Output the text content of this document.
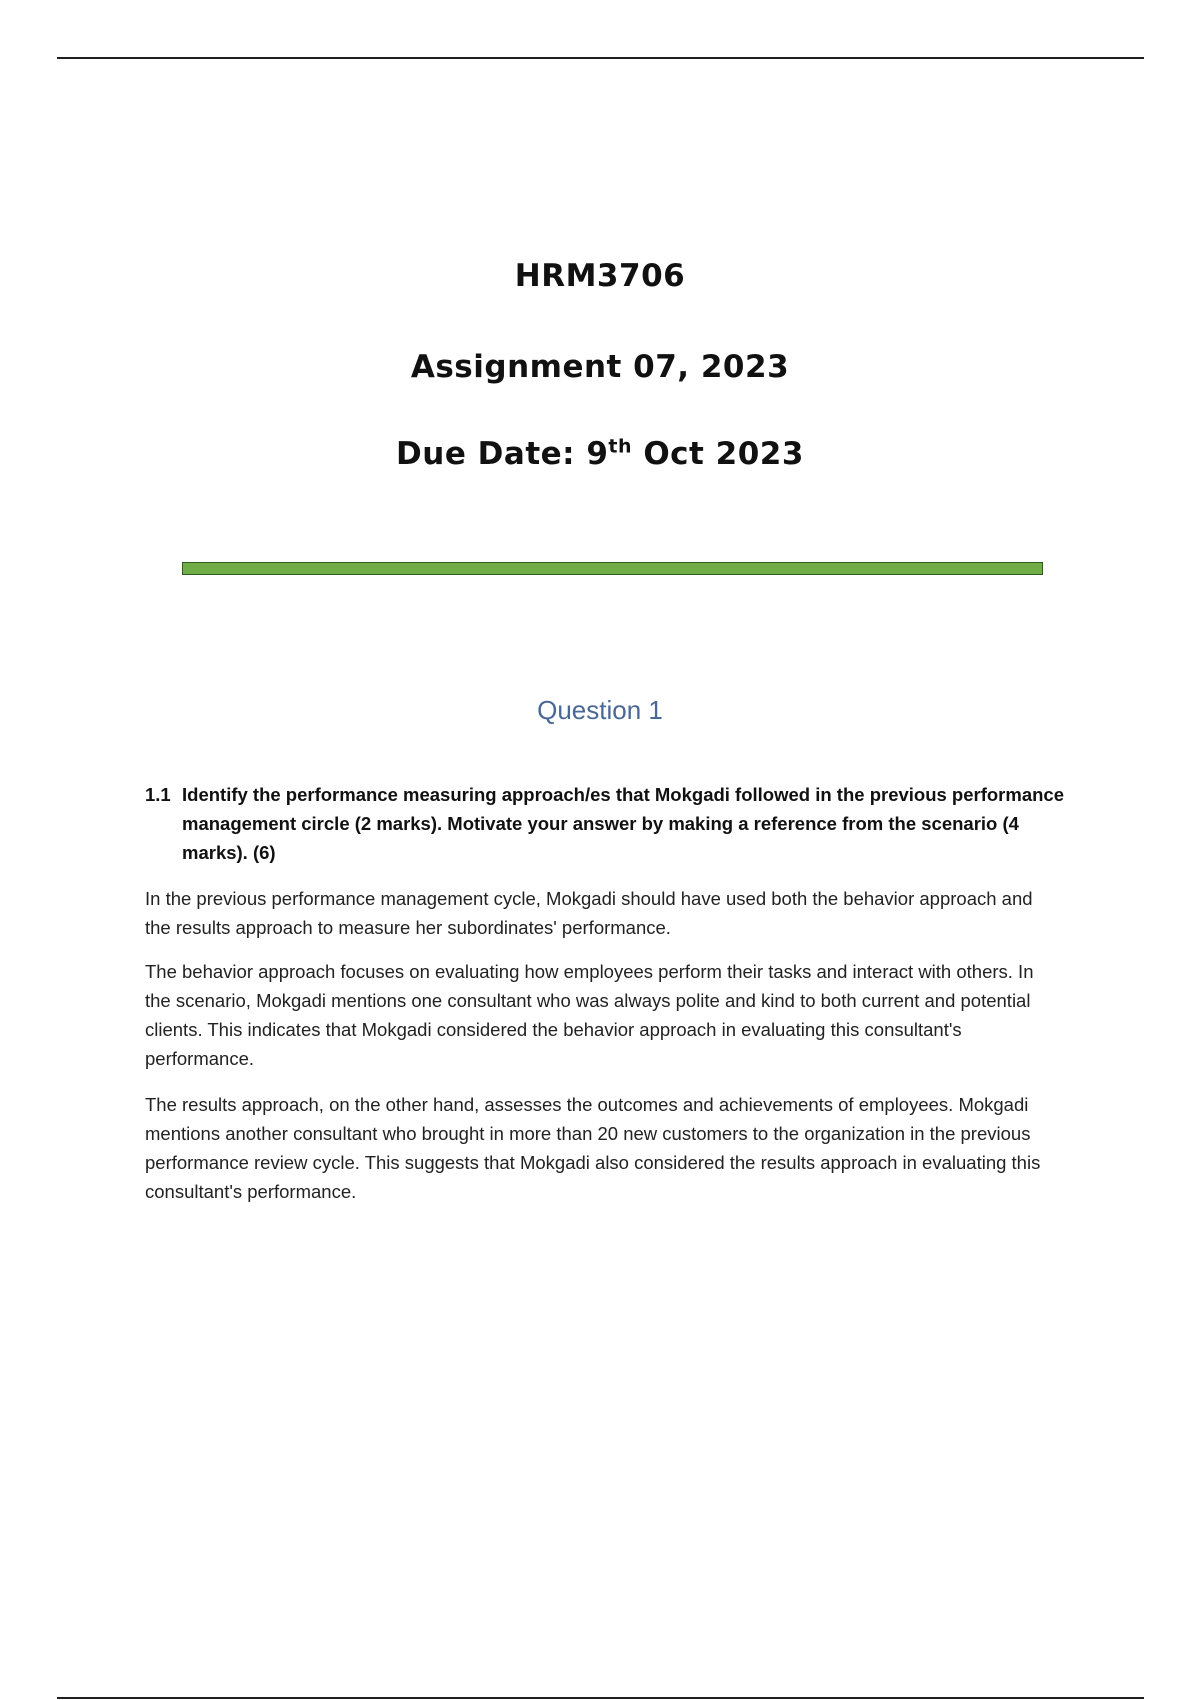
HRM3706
Assignment 07, 2023
Due Date: 9th Oct 2023
Question 1
1.1 Identify the performance measuring approach/es that Mokgadi followed in the previous performance management circle (2 marks). Motivate your answer by making a reference from the scenario (4 marks). (6)

In the previous performance management cycle, Mokgadi should have used both the behavior approach and the results approach to measure her subordinates' performance.

The behavior approach focuses on evaluating how employees perform their tasks and interact with others. In the scenario, Mokgadi mentions one consultant who was always polite and kind to both current and potential clients. This indicates that Mokgadi considered the behavior approach in evaluating this consultant's performance.

The results approach, on the other hand, assesses the outcomes and achievements of employees. Mokgadi mentions another consultant who brought in more than 20 new customers to the organization in the previous performance review cycle. This suggests that Mokgadi also considered the results approach in evaluating this consultant's performance.
